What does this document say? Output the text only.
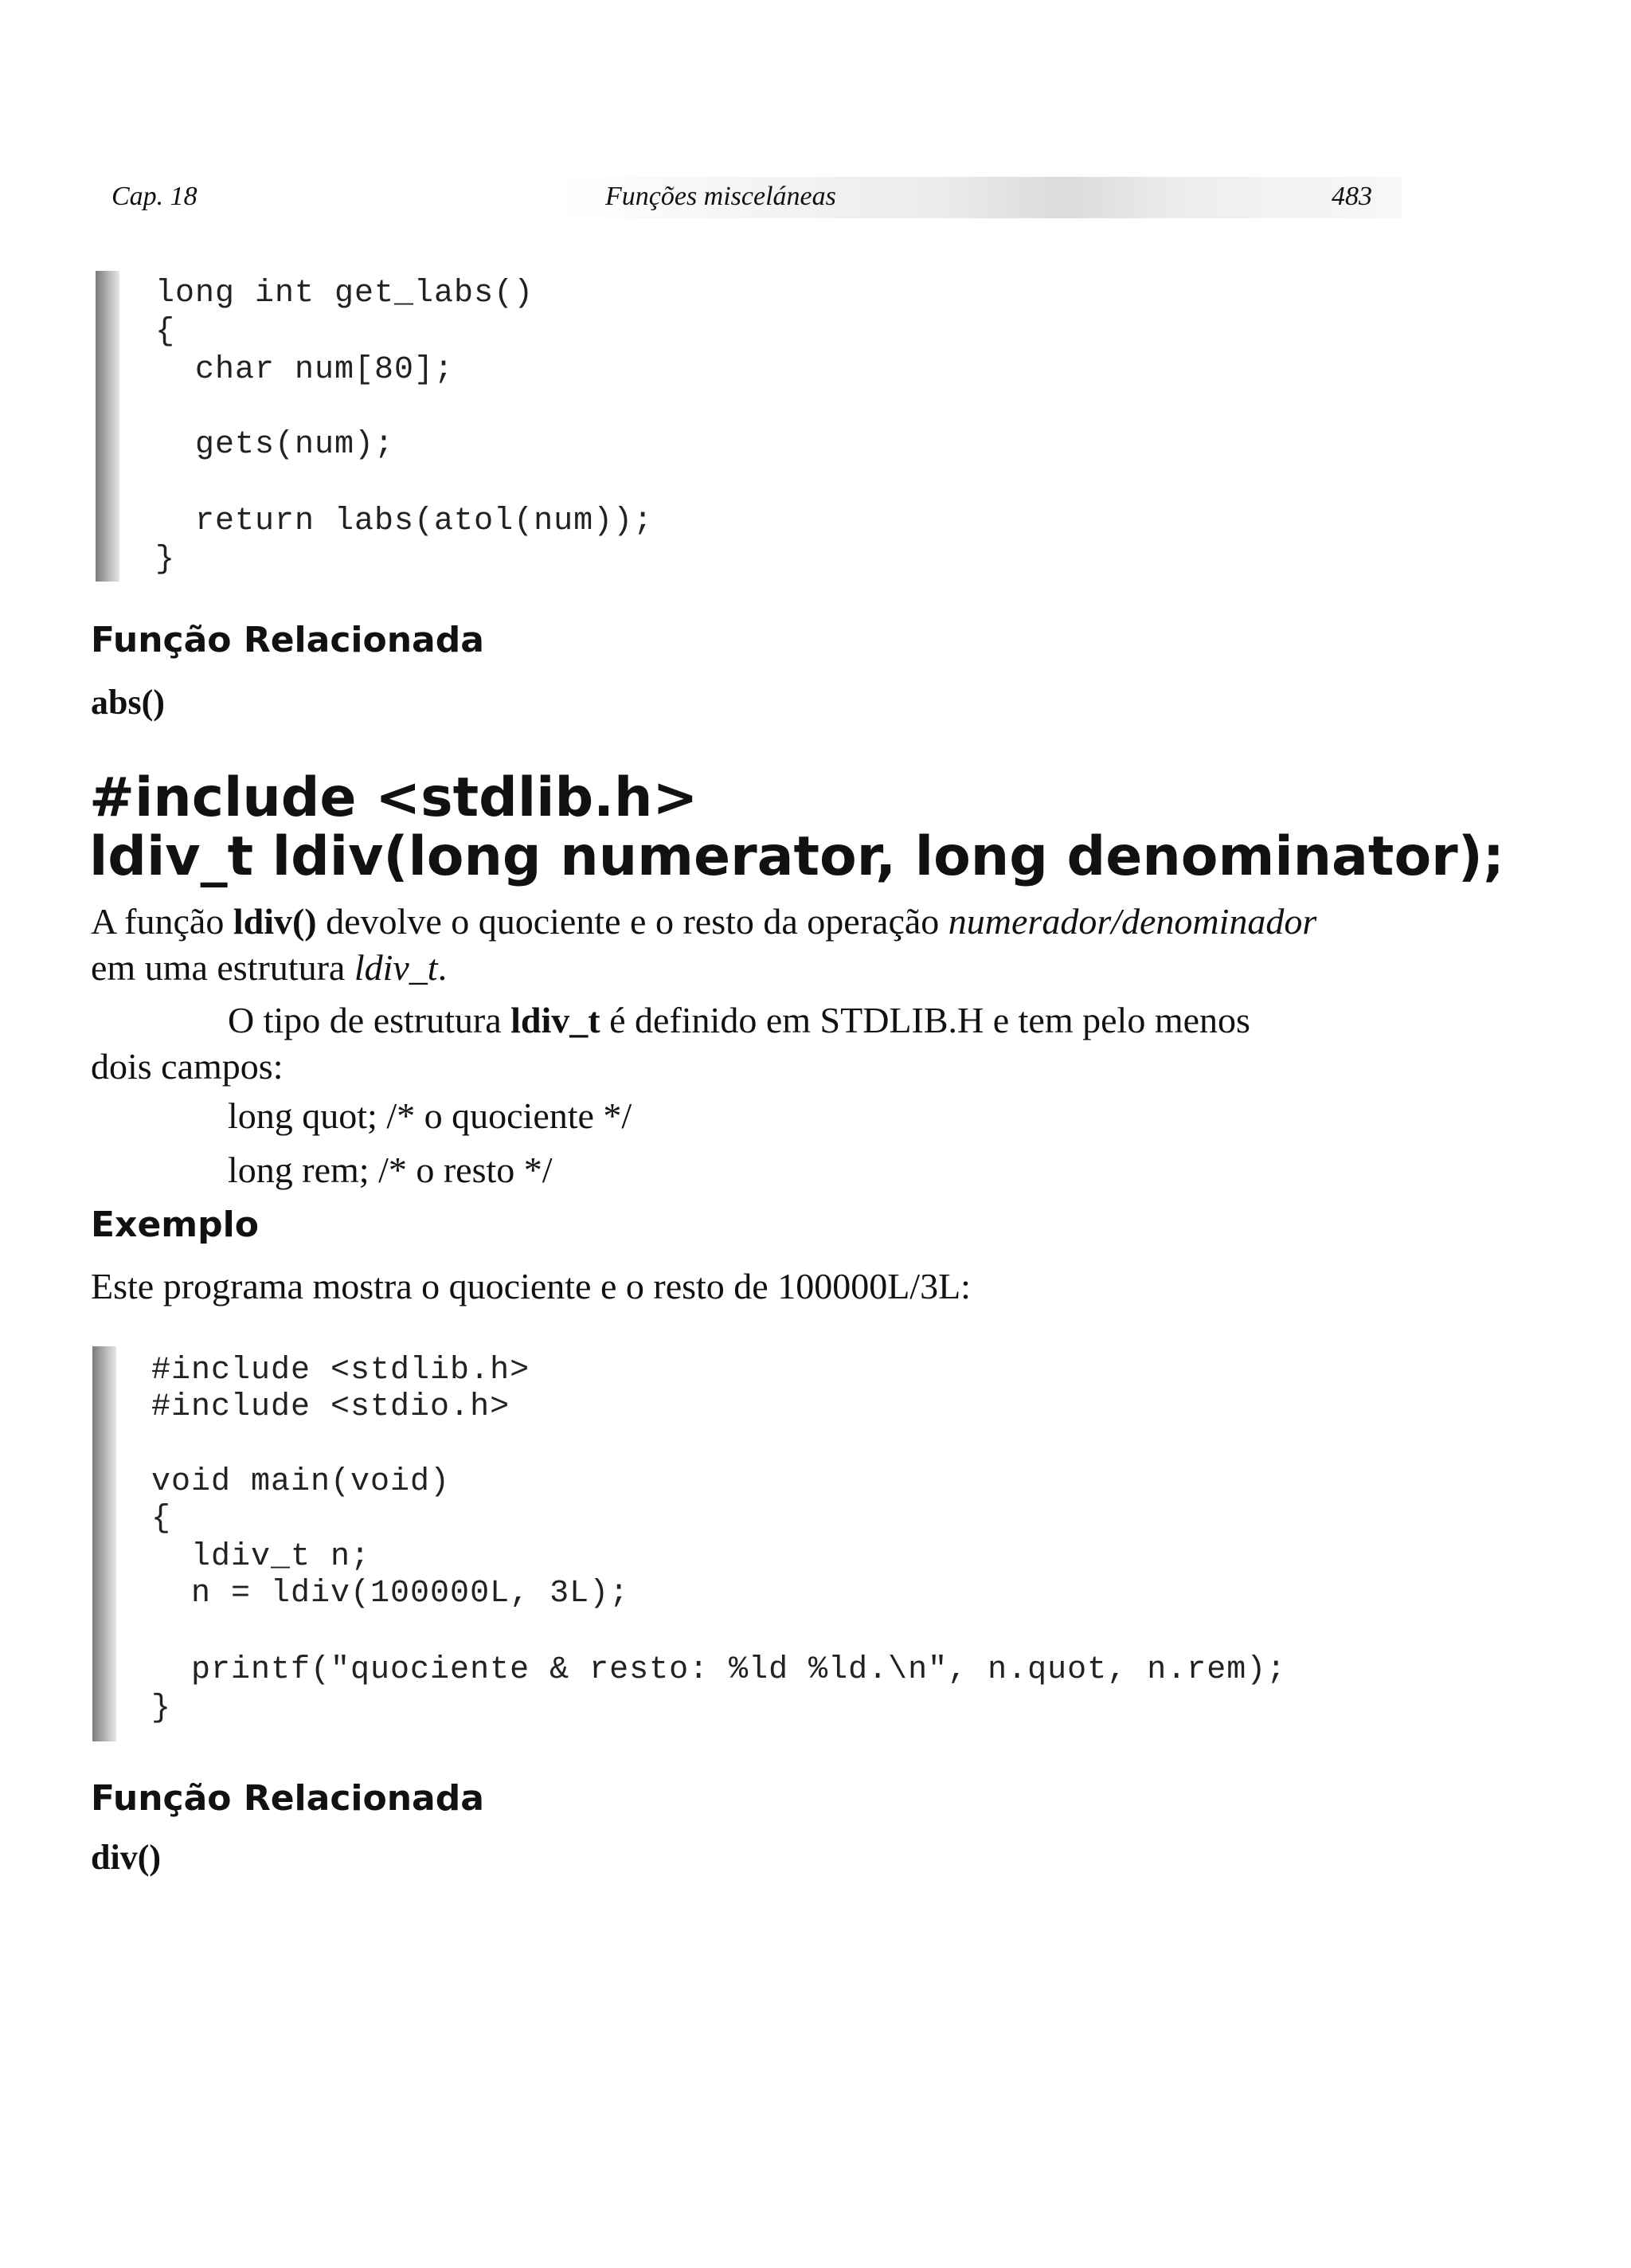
Cap. 18	Funções misceláneas	483
long int get_labs()
{
char num[80];
gets(num);
return labs(atol(num));
}
Função Relacionada
abs()
#include <stdlib.h>
ldiv_t ldiv(long numerator, long denominator);
A função ldiv() devolve o quociente e o resto da operação numerador/denominador
em uma estrutura ldiv_t.
O tipo de estrutura ldiv_t é definido em STDLIB.H e tem pelo menos
dois campos:
long quot; /* o quociente */
long rem; /* o resto */
Exemplo
Este programa mostra o quociente e o resto de 100000L/3L:
#include <stdlib.h>
#include <stdio.h>
void main(void)
{
ldiv_t n;
n = ldiv(100000L, 3L);
printf("quociente & resto: %ld %ld.\n", n.quot, n.rem);
}
Função Relacionada
div()
